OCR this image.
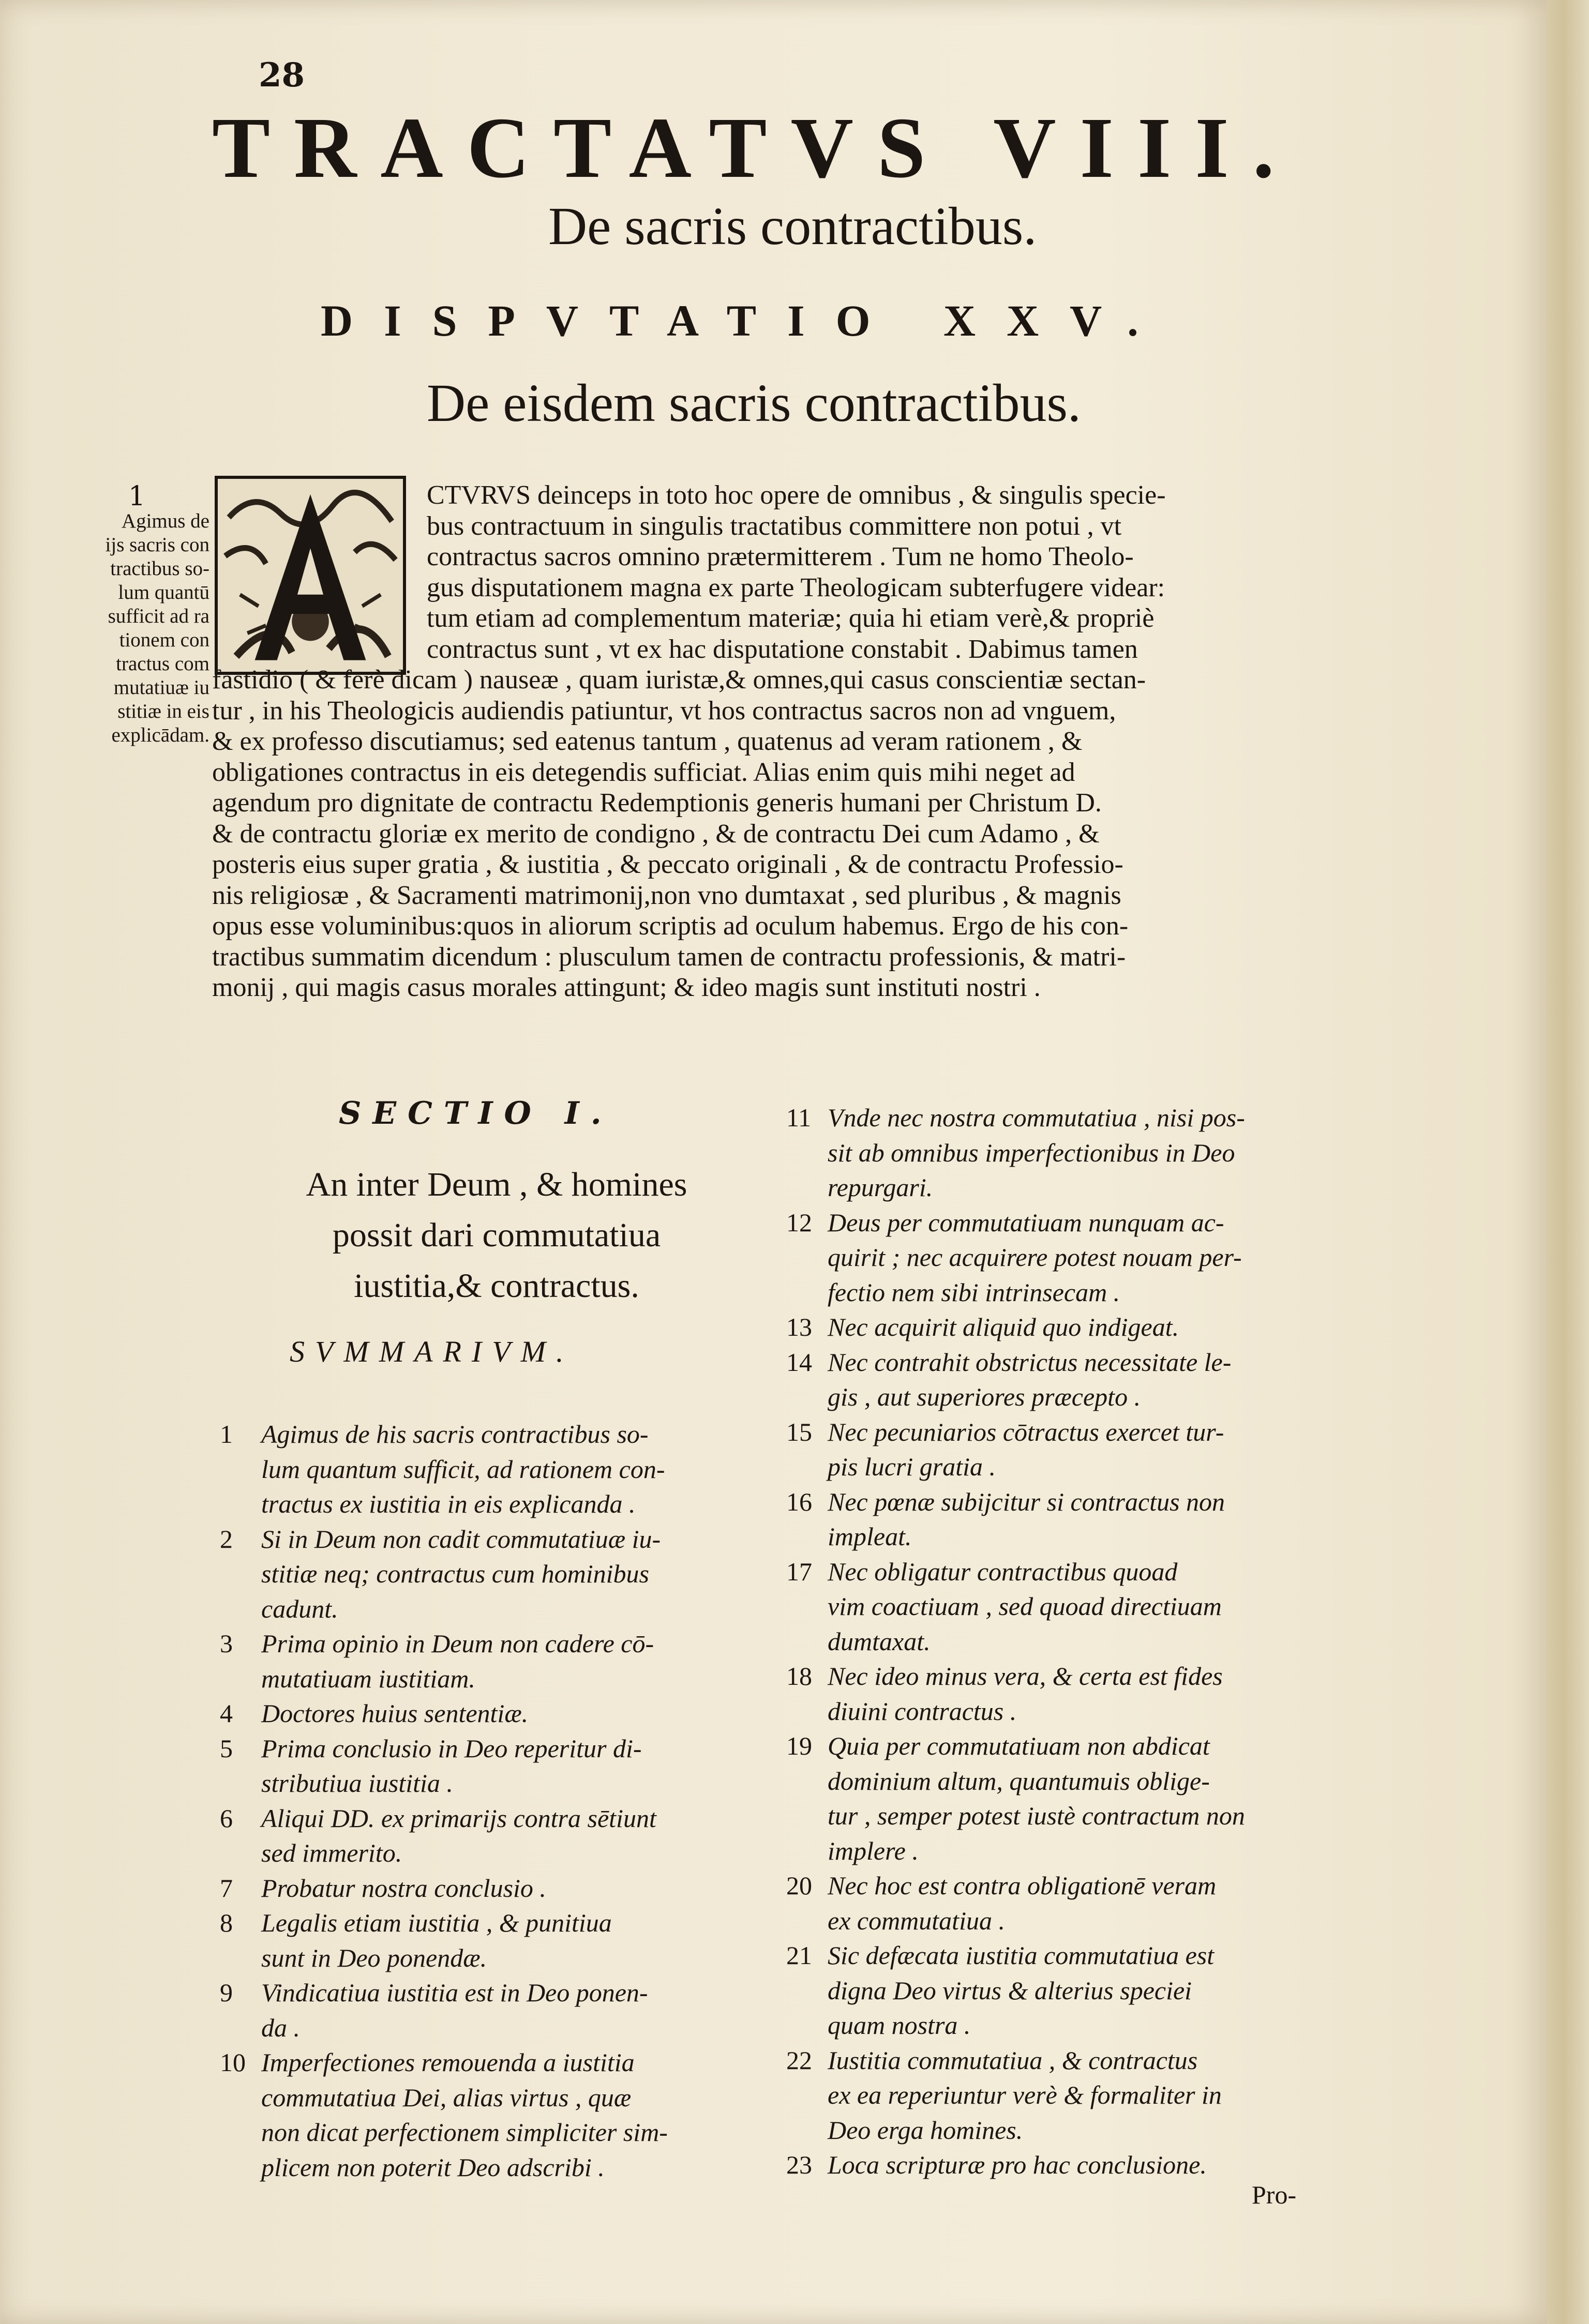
28
TRACTATVS VIII.
De sacris contractibus.
DISPVTATIO XXV.
De eisdem sacris contractibus.
1
Agimus de
ijs sacris con
tractibus so-
lum quantū
sufficit ad ra
tionem con
tractus com
mutatiuæ iu
stitiæ in eis
explicādam.
CTVRVS deinceps in toto hoc opere de omnibus , & singulis specie-
bus contractuum in singulis tractatibus committere non potui , vt
contractus sacros omnino prætermitterem . Tum ne homo Theolo-
gus disputationem magna ex parte Theologicam subterfugere videar:
tum etiam ad complementum materiæ; quia hi etiam verè,& propriè
contractus sunt , vt ex hac disputatione constabit . Dabimus tamen
fastidio ( & ferè dicam ) nauseæ , quam iuristæ,& omnes,qui casus conscientiæ sectan-
tur , in his Theologicis audiendis patiuntur, vt hos contractus sacros non ad vnguem,
& ex professo discutiamus; sed eatenus tantum , quatenus ad veram rationem , &
obligationes contractus in eis detegendis sufficiat. Alias enim quis mihi neget ad
agendum pro dignitate de contractu Redemptionis generis humani per Christum D.
& de contractu gloriæ ex merito de condigno , & de contractu Dei cum Adamo , &
posteris eius super gratia , & iustitia , & peccato originali , & de contractu Professio-
nis religiosæ , & Sacramenti matrimonij,non vno dumtaxat , sed pluribus , & magnis
opus esse voluminibus:quos in aliorum scriptis ad oculum habemus. Ergo de his con-
tractibus summatim dicendum : plusculum tamen de contractu professionis, & matri-
monij , qui magis casus morales attingunt; & ideo magis sunt instituti nostri .
SECTIO I.
An inter Deum , & homines
possit dari commutatiua
iustitia,& contractus.
SVMMARIVM.
1	Agimus de his sacris contractibus so-
lum quantum sufficit, ad rationem con-
tractus ex iustitia in eis explicanda .
2	Si in Deum non cadit commutatiuæ iu-
stitiæ neq; contractus cum hominibus
cadunt.
3	Prima opinio in Deum non cadere cō-
mutatiuam iustitiam.
4	Doctores huius sententiæ.
5	Prima conclusio in Deo reperitur di-
stributiua iustitia .
6	Aliqui DD. ex primarijs contra sētiunt
sed immerito.
7	Probatur nostra conclusio .
8	Legalis etiam iustitia , & punitiua
sunt in Deo ponendæ.
9	Vindicatiua iustitia est in Deo ponen-
da .
10 Imperfectiones remouenda a iustitia
commutatiua Dei, alias virtus , quæ
non dicat perfectionem simpliciter sim-
plicem non poterit Deo adscribi .
11 Vnde nec nostra commutatiua , nisi pos-
sit ab omnibus imperfectionibus in Deo
repurgari.
12 Deus per commutatiuam nunquam ac-
quirit ; nec acquirere potest nouam per-
fectio nem sibi intrinsecam .
13 Nec acquirit aliquid quo indigeat.
14 Nec contrahit obstrictus necessitate le-
gis , aut superiores præcepto .
15 Nec pecuniarios cōtractus exercet tur-
pis lucri gratia .
16 Nec pœnæ subijcitur si contractus non
impleat.
17 Nec obligatur contractibus quoad
vim coactiuam , sed quoad directiuam
dumtaxat.
18 Nec ideo minus vera, & certa est fides
diuini contractus .
19 Quia per commutatiuam non abdicat
dominium altum, quantumuis oblige-
tur , semper potest iustè contractum non
implere .
20 Nec hoc est contra obligationē veram
ex commutatiua .
21 Sic defæcata iustitia commutatiua est
digna Deo virtus & alterius speciei
quam nostra .
22 Iustitia commutatiua , & contractus
ex ea reperiuntur verè & formaliter in
Deo erga homines.
23 Loca scripturæ pro hac conclusione.
Pro-
